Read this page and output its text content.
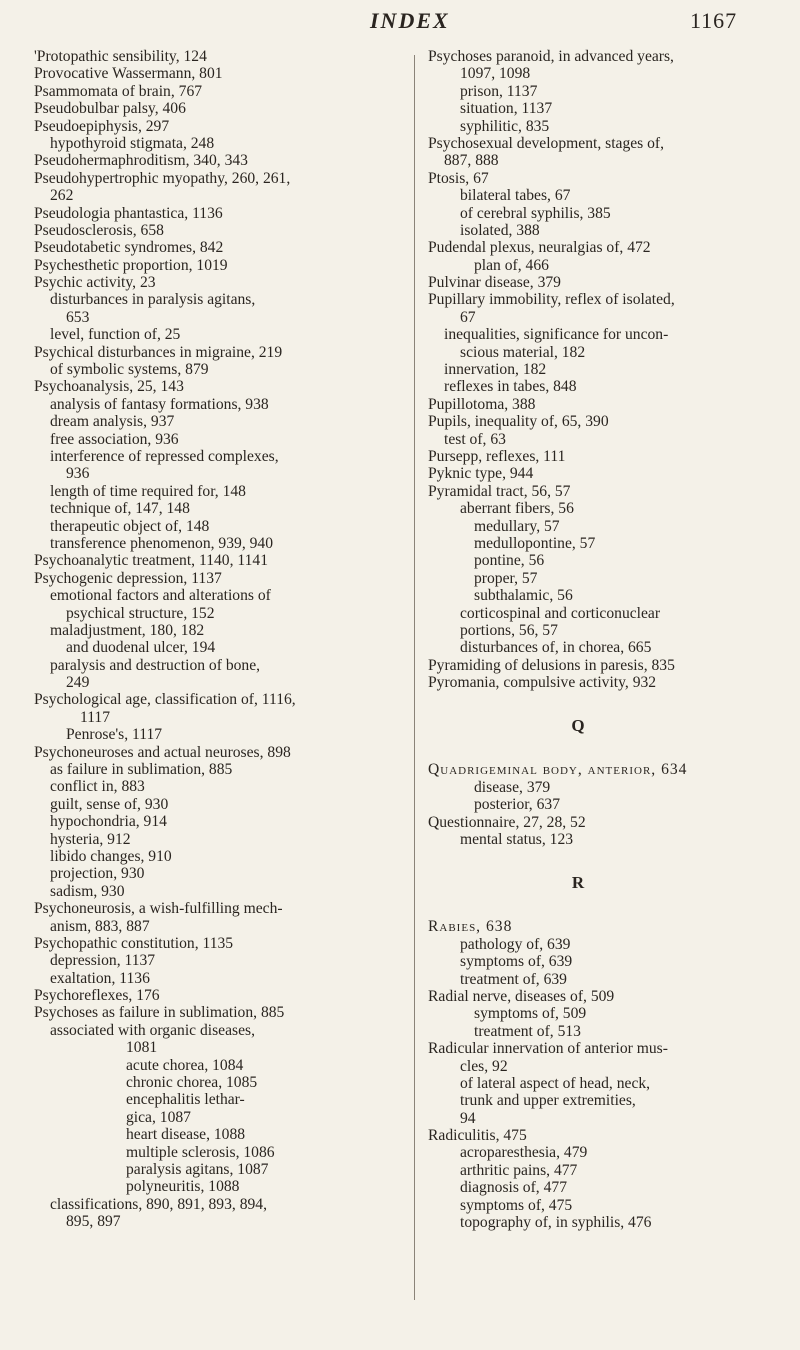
INDEX	1167
'Protopathic sensibility, 124
Provocative Wassermann, 801
Psammomata of brain, 767
Pseudobulbar palsy, 406
Pseudoepiphysis, 297
hypothyroid stigmata, 248
Pseudohermaphroditism, 340, 343
Pseudohypertrophic myopathy, 260, 261,
262
Pseudologia phantastica, 1136
Pseudosclerosis, 658
Pseudotabetic syndromes, 842
Psychesthetic proportion, 1019
Psychic activity, 23
disturbances in paralysis agitans,
653
level, function of, 25
Psychical disturbances in migraine, 219
of symbolic systems, 879
Psychoanalysis, 25, 143
analysis of fantasy formations, 938
dream analysis, 937
free association, 936
interference of repressed complexes,
936
length of time required for, 148
technique of, 147, 148
therapeutic object of, 148
transference phenomenon, 939, 940
Psychoanalytic treatment, 1140, 1141
Psychogenic depression, 1137
emotional factors and alterations of
psychical structure, 152
maladjustment, 180, 182
and duodenal ulcer, 194
paralysis and destruction of bone,
249
Psychological age, classification of, 1116,
1117
Penrose's, 1117
Psychoneuroses and actual neuroses, 898
as failure in sublimation, 885
conflict in, 883
guilt, sense of, 930
hypochondria, 914
hysteria, 912
libido changes, 910
projection, 930
sadism, 930
Psychoneurosis, a wish-fulfilling mech-
anism, 883, 887
Psychopathic constitution, 1135
depression, 1137
exaltation, 1136
Psychoreflexes, 176
Psychoses as failure in sublimation, 885
associated with organic diseases,
1081
acute chorea, 1084
chronic chorea, 1085
encephalitis lethar-
gica, 1087
heart disease, 1088
multiple sclerosis, 1086
paralysis agitans, 1087
polyneuritis, 1088
classifications, 890, 891, 893, 894,
895, 897
Psychoses paranoid, in advanced years,
1097, 1098
prison, 1137
situation, 1137
syphilitic, 835
Psychosexual development, stages of,
887, 888
Ptosis, 67
bilateral tabes, 67
of cerebral syphilis, 385
isolated, 388
Pudendal plexus, neuralgias of, 472
plan of, 466
Pulvinar disease, 379
Pupillary immobility, reflex of isolated,
67
inequalities, significance for uncon-
scious material, 182
innervation, 182
reflexes in tabes, 848
Pupillotoma, 388
Pupils, inequality of, 65, 390
test of, 63
Pursepp, reflexes, 111
Pyknic type, 944
Pyramidal tract, 56, 57
aberrant fibers, 56
medullary, 57
medullopontine, 57
pontine, 56
proper, 57
subthalamic, 56
corticospinal and corticonuclear
portions, 56, 57
disturbances of, in chorea, 665
Pyramiding of delusions in paresis, 835
Pyromania, compulsive activity, 932
Q
Quadrigeminal body, anterior, 634
disease, 379
posterior, 637
Questionnaire, 27, 28, 52
mental status, 123
R
Rabies, 638
pathology of, 639
symptoms of, 639
treatment of, 639
Radial nerve, diseases of, 509
symptoms of, 509
treatment of, 513
Radicular innervation of anterior mus-
cles, 92
of lateral aspect of head, neck,
trunk and upper extremities,
94
Radiculitis, 475
acroparesthesia, 479
arthritic pains, 477
diagnosis of, 477
symptoms of, 475
topography of, in syphilis, 476
